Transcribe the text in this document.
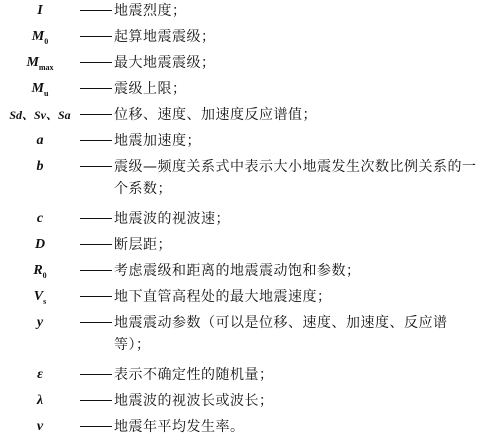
I	地震烈度；
$M_0$	起算地震震级；
$M_{max}$	最大地震震级；
$M_u$	震级上限；
Sd、Sv、Sa	位移、速度、加速度反应谱值；
a	地震加速度；
b	震级—频度关系式中表示大小地震发生次数比例关系的一个系数；
c	地震波的视波速；
D	断层距；
$R_0$	考虑震级和距离的地震震动饱和参数；
$V_s$	地下直管高程处的最大地震速度；
y	地震震动参数（可以是位移、速度、加速度、反应谱等）；
ε	表示不确定性的随机量；
λ	地震波的视波长或波长；
ν	地震年平均发生率。
